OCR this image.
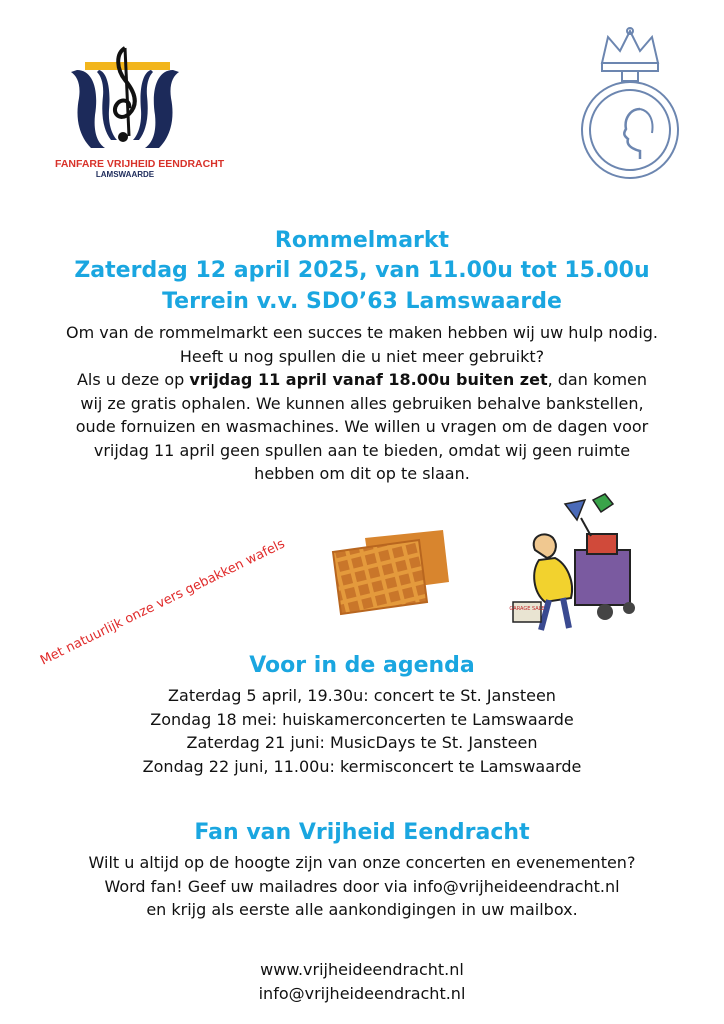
FANFARE VRIJHEID EENDRACHT
LAMSWAARDE
Rommelmarkt
Zaterdag 12 april 2025, van 11.00u tot 15.00u
Terrein v.v. SDO’63 Lamswaarde
Om van de rommelmarkt een succes te maken hebben wij uw hulp nodig.
Heeft u nog spullen die u niet meer gebruikt?
Als u deze op vrijdag 11 april vanaf 18.00u buiten zet, dan komen
wij ze gratis ophalen. We kunnen alles gebruiken behalve bankstellen,
oude fornuizen en wasmachines. We willen u vragen om de dagen voor
vrijdag 11 april geen spullen aan te bieden, omdat wij geen ruimte
hebben om dit op te slaan.
Met natuurlijk onze vers gebakken wafels	GARAGE SALE
Voor in de agenda
Zaterdag 5 april, 19.30u: concert te St. Jansteen
Zondag 18 mei: huiskamerconcerten te Lamswaarde
Zaterdag 21 juni: MusicDays te St. Jansteen
Zondag 22 juni, 11.00u: kermisconcert te Lamswaarde
Fan van Vrijheid Eendracht
Wilt u altijd op de hoogte zijn van onze concerten en evenementen?
Word fan! Geef uw mailadres door via info@vrijheideendracht.nl
en krijg als eerste alle aankondigingen in uw mailbox.
www.vrijheideendracht.nl
info@vrijheideendracht.nl
